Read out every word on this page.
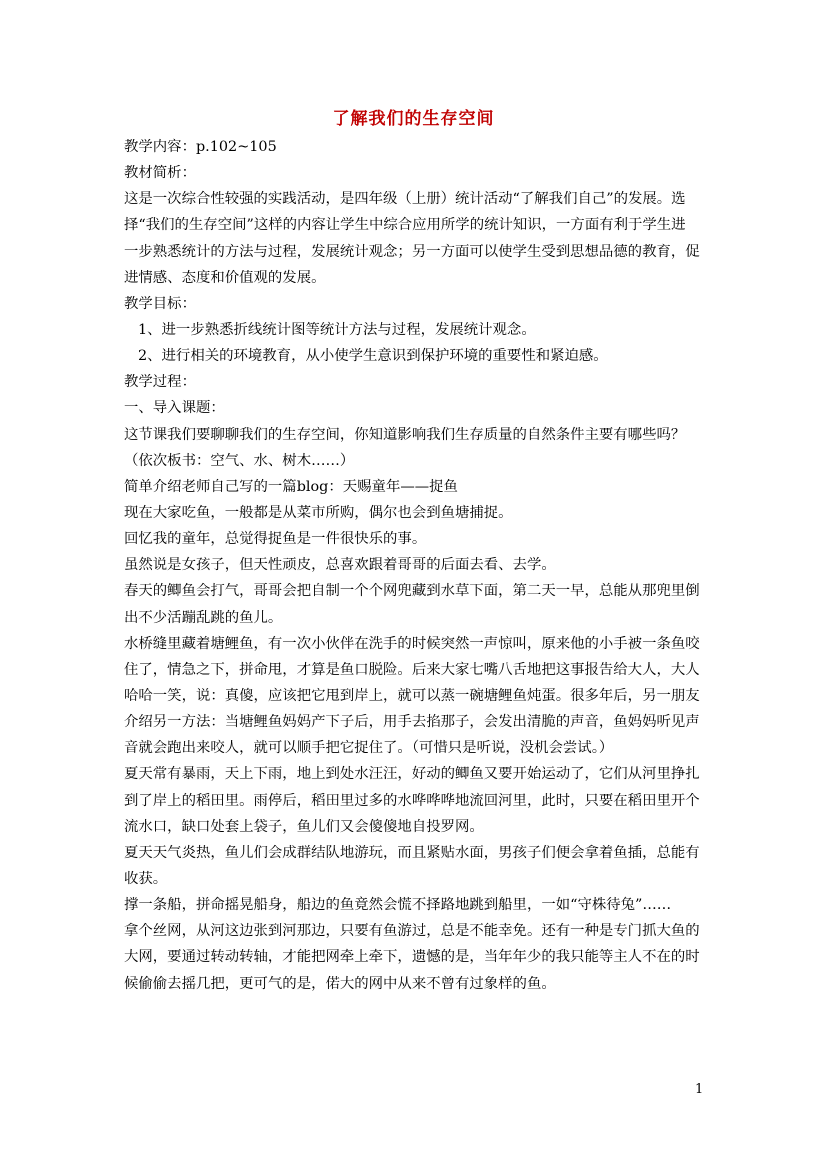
了解我们的生存空间
教学内容：p.102~105
教材简析：
这是一次综合性较强的实践活动，是四年级（上册）统计活动“了解我们自己”的发展。选
择“我们的生存空间”这样的内容让学生中综合应用所学的统计知识，一方面有利于学生进
一步熟悉统计的方法与过程，发展统计观念；另一方面可以使学生受到思想品德的教育，促
进情感、态度和价值观的发展。
教学目标：
1、进一步熟悉折线统计图等统计方法与过程，发展统计观念。
2、进行相关的环境教育，从小使学生意识到保护环境的重要性和紧迫感。
教学过程：
一、导入课题：
这节课我们要聊聊我们的生存空间，你知道影响我们生存质量的自然条件主要有哪些吗？
（依次板书：空气、水、树木……）
简单介绍老师自己写的一篇blog：天赐童年——捉鱼
现在大家吃鱼，一般都是从菜市所购，偶尔也会到鱼塘捕捉。
回忆我的童年，总觉得捉鱼是一件很快乐的事。
虽然说是女孩子，但天性顽皮，总喜欢跟着哥哥的后面去看、去学。
春天的鲫鱼会打气，哥哥会把自制一个个网兜藏到水草下面，第二天一早，总能从那兜里倒
出不少活蹦乱跳的鱼儿。
水桥缝里藏着塘鲤鱼，有一次小伙伴在洗手的时候突然一声惊叫，原来他的小手被一条鱼咬
住了，情急之下，拼命甩，才算是鱼口脱险。后来大家七嘴八舌地把这事报告给大人，大人
哈哈一笑，说：真傻，应该把它甩到岸上，就可以蒸一碗塘鲤鱼炖蛋。很多年后，另一朋友
介绍另一方法：当塘鲤鱼妈妈产下子后，用手去掐那子，会发出清脆的声音，鱼妈妈听见声
音就会跑出来咬人，就可以顺手把它捉住了。（可惜只是听说，没机会尝试。）
夏天常有暴雨，天上下雨，地上到处水汪汪，好动的鲫鱼又要开始运动了，它们从河里挣扎
到了岸上的稻田里。雨停后，稻田里过多的水哗哗哗地流回河里，此时，只要在稻田里开个
流水口，缺口处套上袋子，鱼儿们又会傻傻地自投罗网。
夏天天气炎热，鱼儿们会成群结队地游玩，而且紧贴水面，男孩子们便会拿着鱼插，总能有
收获。
撑一条船，拼命摇晃船身，船边的鱼竟然会慌不择路地跳到船里，一如“守株待兔”……
拿个丝网，从河这边张到河那边，只要有鱼游过，总是不能幸免。还有一种是专门抓大鱼的
大网，要通过转动转轴，才能把网牵上牵下，遗憾的是，当年年少的我只能等主人不在的时
候偷偷去摇几把，更可气的是，偌大的网中从来不曾有过象样的鱼。
1
